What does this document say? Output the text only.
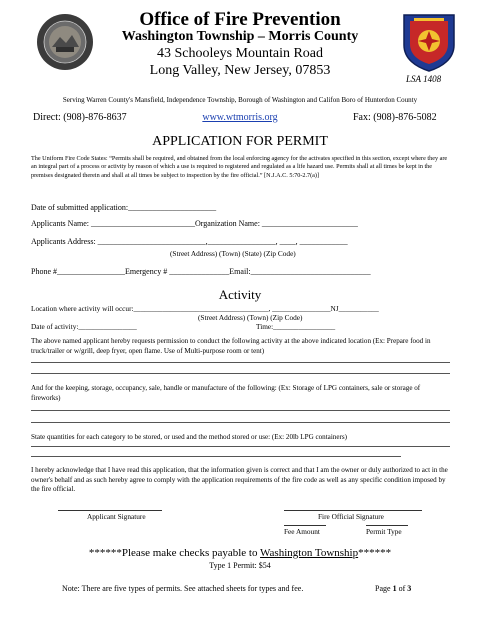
Office of Fire Prevention
Washington Township – Morris County
43 Schooleys Mountain Road
Long Valley, New Jersey, 07853
LSA 1408
Serving Warren County's Mansfield, Independence Township, Borough of Washington and Califon Boro of Hunterdon County
Direct: (908)-876-8637	www.wtmorris.org	Fax: (908)-876-5082
APPLICATION FOR PERMIT
The Uniform Fire Code States: “Permits shall be required, and obtained from the local enforcing agency for the activates specified in this section, except where they are an integral part of a process or activity by reason of which a use is required to registered and regulated as a life hazard use. Permits shall at all times be kept in the premises designated therein and shall at all times be subject to inspection by the fire official.” [N.J.A.C. 5:70-2.7(a)]
Date of submitted application:______________________
Applicants Name: __________________________Organization Name: ________________________
Applicants Address: ___________________________,_________________, ____, ____________
(Street Address) (Town) (State) (Zip Code)
Phone #_________________Emergency # _______________Email:______________________________
Activity
Location where activity will occur:_____________________________________, ________________NJ___________
(Street Address) (Town) (Zip Code)
Date of activity:________________	Time:_________________
The above named applicant hereby requests permission to conduct the following activity at the above indicated location (Ex: Prepare food in truck/trailer or w/grill, deep fryer, open flame. Use of Multi-purpose room or tent)
And for the keeping, storage, occupancy, sale, handle or manufacture of the following: (Ex: Storage of LPG containers, sale or storage of fireworks)
State quantities for each category to be stored, or used and the method stored or use: (Ex: 20lb LPG containers)
I hereby acknowledge that I have read this application, that the information given is correct and that I am the owner or duly authorized to act in the owner's behalf and as such hereby agree to comply with the application requirements of the fire code as well as any specific condition imposed by the fire official.
Applicant Signature	Fire Official Signature
Fee Amount	Permit Type
******Please make checks payable to Washington Township******
Type 1 Permit: $54
Note: There are five types of permits. See attached sheets for types and fee.	Page 1 of 3
